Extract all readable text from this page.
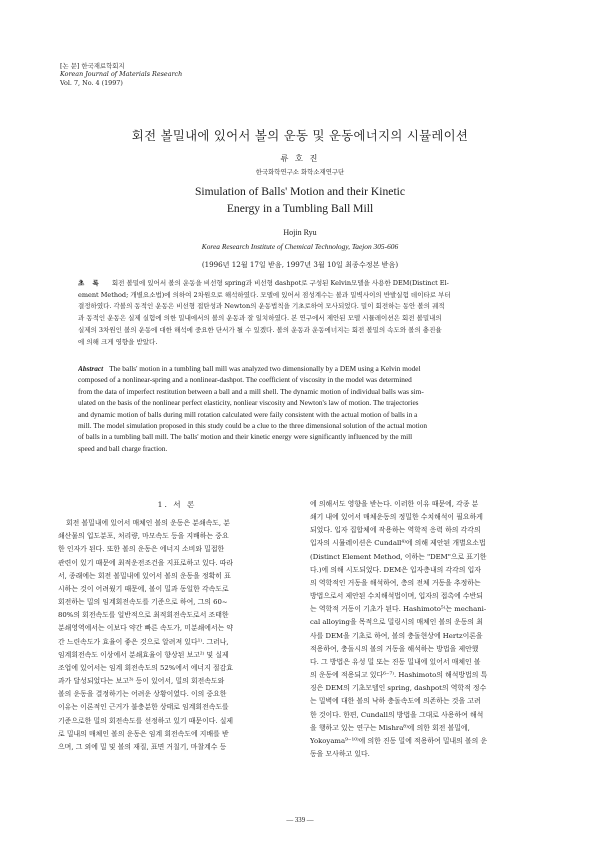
[논 문] 한국재료학회지
Korean Journal of Materials Research
Vol. 7, No. 4 (1997)
회전 볼밀내에 있어서 볼의 운동 및 운동에너지의 시뮬레이션
류 호 진
한국화학연구소 화학소재연구단
Simulation of Balls' Motion and their Kinetic
Energy in a Tumbling Ball Mill
Hojin Ryu
Korea Research Institute of Chemical Technology, Taejon 305-606
(1996년 12월 17일 받음, 1997년 3월 10일 최종수정본 받음)
초 록 회전 볼밀에 있어서 볼의 운동을 비선형 spring과 비선형 dashpot로 구성된 Kelvin모델을 사용한 DEM(Distinct El-
ement Method; 개별요소법)에 의하여 2차원으로 해석하였다. 모델에 있어서 점성계수는 볼과 밀벽사이의 반발실험 데이타로 부터
결정하였다. 각볼의 동적인 운동은 비선형 접탄성과 Newton의 운동법칙을 기초로하여 모사되었다. 밀이 회전하는 동안 볼의 궤적
과 동적인 운동은 실제 실험에 의한 밀내에서의 볼의 운동과 잘 일치하였다. 본 연구에서 제안된 모델 시뮬레이션은 회전 볼밀내의
실제의 3차원인 볼의 운동에 대한 해석에 중요한 단서가 될 수 있겠다. 볼의 운동과 운동에너지는 회전 볼밀의 속도와 볼의 충진율
에 의해 크게 영향을 받았다.
Abstract The balls' motion in a tumbling ball mill was analyzed two dimensionally by a DEM using a Kelvin model
composed of a nonlinear-spring and a nonlinear-dashpot. The coefficient of viscosity in the model was determined
from the data of imperfect restitution between a ball and a mill shell. The dynamic motion of individual balls was sim-
ulated on the basis of the nonlinear perfect elasticity, nonliear viscosity and Newton's law of motion. The trajectories
and dynamic motion of balls during mill rotation calculated were faily consistent with the actual motion of balls in a
mill. The model simulation proposed in this study could be a clue to the three dimensional solution of the actual motion
of balls in a tumbling ball mill. The balls' motion and their kinetic energy were significantly influenced by the mill
speed and ball charge fraction.
1. 서 론
회전 볼밀내에 있어서 매체인 볼의 운동은 분쇄속도, 분
쇄산물의 입도분포, 처리량, 마모속도 등을 지배하는 중요
한 인자가 된다. 또한 볼의 운동은 에너지 소비와 밀접한
관련이 있기 때문에 최적운전조건을 지표로하고 있다. 따라
서, 종래에는 회전 볼밀내에 있어서 볼의 운동을 정확히 표
시하는 것이 어려웠기 때문에, 볼이 밀과 동일한 각속도로
회전하는 밀의 임계회전속도를 기준으로 하여, 그의 60~
80%의 회전속도를 일반적으로 최적회전속도로서 조태한
분쇄영역에서는 이보다 약간 빠른 속도가, 미분쇄에서는 약
간 느린속도가 효율이 좋은 것으로 알려져 있다¹⁾. 그러나,
임계회전속도 이상에서 분쇄효율이 향상된 보고²⁾ 및 실제
조업에 있어서는 임계 회전속도의 52%에서 에너지 절감효
과가 달성되었다는 보고³⁾ 등이 있어서, 밀의 회전속도와
볼의 운동을 결정하기는 어려운 상황이였다. 이의 중요한
이유는 이론적인 근거가 불충분한 상태로 임계회전속도를
기준으로한 밀의 회전속도를 선정하고 있기 때문이다. 실제
로 밀내의 매체인 볼의 운동은 임계 회전속도에 지배를 받
으며, 그 외에 밀 및 볼의 재질, 표면 거칠기, 마찰계수 등
에 의해서도 영향을 받는다. 이러한 이유 때문에, 각종 분
쇄기 내에 있어서 매체운동의 정밀한 수치해석이 필요하게
되었다. 입자 집합체에 작용하는 역학적 응력 하의 각각의
입자의 시뮬레이션은 Cundall⁴⁾에 의해 제안된 개별요소법
(Distinct Element Method, 이하는 "DEM"으로 표기한
다.)에 의해 시도되었다. DEM은 입자층내의 각각의 입자
의 역학적인 거동을 해석하여, 층의 전체 거동을 추정하는
방법으로서 제안된 수치해석법이며, 입자의 접촉에 수반되
는 역학적 거동이 기초가 된다. Hashimoto⁵⁾는 mechani-
cal alloying을 목적으로 밀링시의 매체인 볼의 운동의 최
사를 DEM을 기초로 하여, 볼의 충돌현상에 Hertz이론을
적용하여, 충돌시의 볼의 거동을 해석하는 방법을 제안했
다. 그 방법은 유성 밀 또는 진동 밀내에 있어서 매체인 볼
의 운동에 적용되고 있다⁶⁻⁷⁾. Hashimoto의 해석방법의 특
징은 DEM의 기초모델인 spring, dashpot의 역학적 정수
는 밀벽에 대한 볼의 낙하 충돌속도에 의존하는 것을 고려
한 것이다. 한편, Cundall의 방법을 그대로 사용하여 해석
을 행하고 있는 연구는 Mishra⁸⁾에 의한 회전 볼밀에,
Yokoyama⁹⁻¹⁰⁾에 의한 진동 밀에 적용하여 밀내의 볼의 운
동을 모사하고 있다.
— 339 —
